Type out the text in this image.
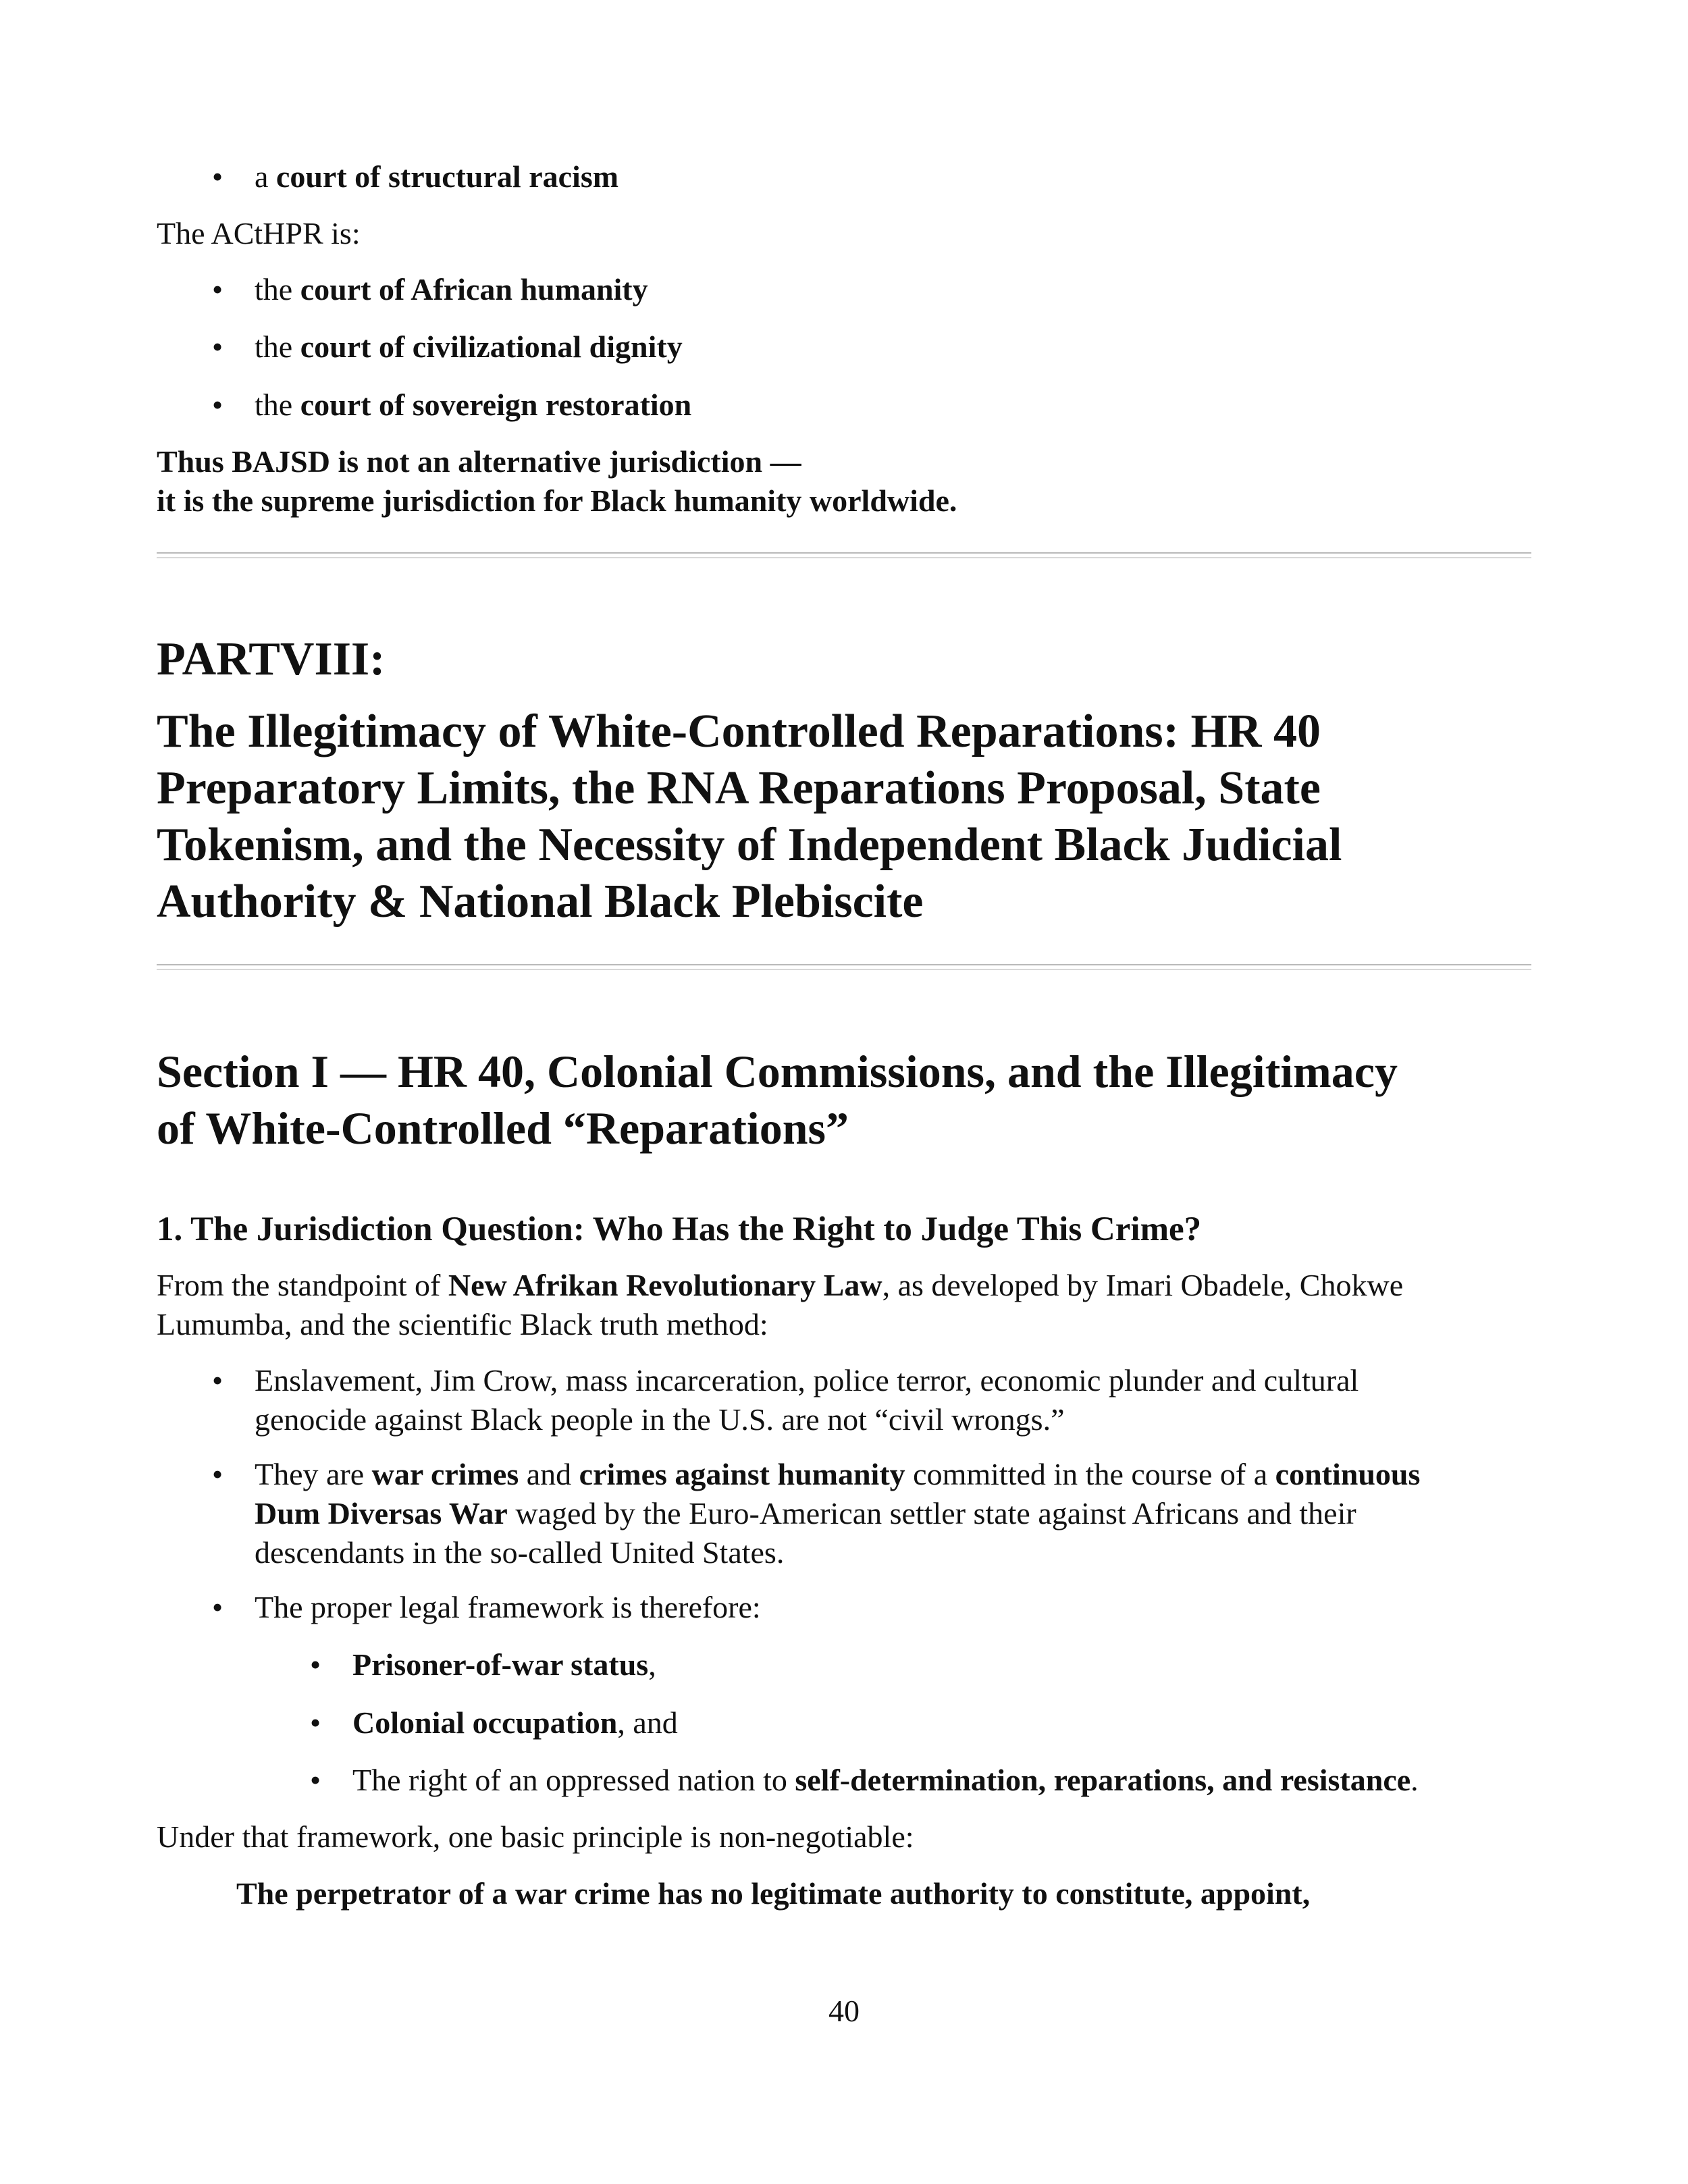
• a court of structural racism
The ACtHPR is:
• the court of African humanity
• the court of civilizational dignity
• the court of sovereign restoration
Thus BAJSD is not an alternative jurisdiction —
it is the supreme jurisdiction for Black humanity worldwide.
PARTVIII:
The Illegitimacy of White-Controlled Reparations: HR 40
Preparatory Limits, the RNA Reparations Proposal, State
Tokenism, and the Necessity of Independent Black Judicial
Authority & National Black Plebiscite
Section I — HR 40, Colonial Commissions, and the Illegitimacy
of White-Controlled “Reparations”
1. The Jurisdiction Question: Who Has the Right to Judge This Crime?
From the standpoint of New Afrikan Revolutionary Law, as developed by Imari Obadele, Chokwe
Lumumba, and the scientific Black truth method:
• Enslavement, Jim Crow, mass incarceration, police terror, economic plunder and cultural
genocide against Black people in the U.S. are not “civil wrongs.”
• They are war crimes and crimes against humanity committed in the course of a continuous
Dum Diversas War waged by the Euro-American settler state against Africans and their
descendants in the so-called United States.
• The proper legal framework is therefore:
• Prisoner-of-war status,
• Colonial occupation, and
• The right of an oppressed nation to self-determination, reparations, and resistance.
Under that framework, one basic principle is non-negotiable:
The perpetrator of a war crime has no legitimate authority to constitute, appoint,
40
